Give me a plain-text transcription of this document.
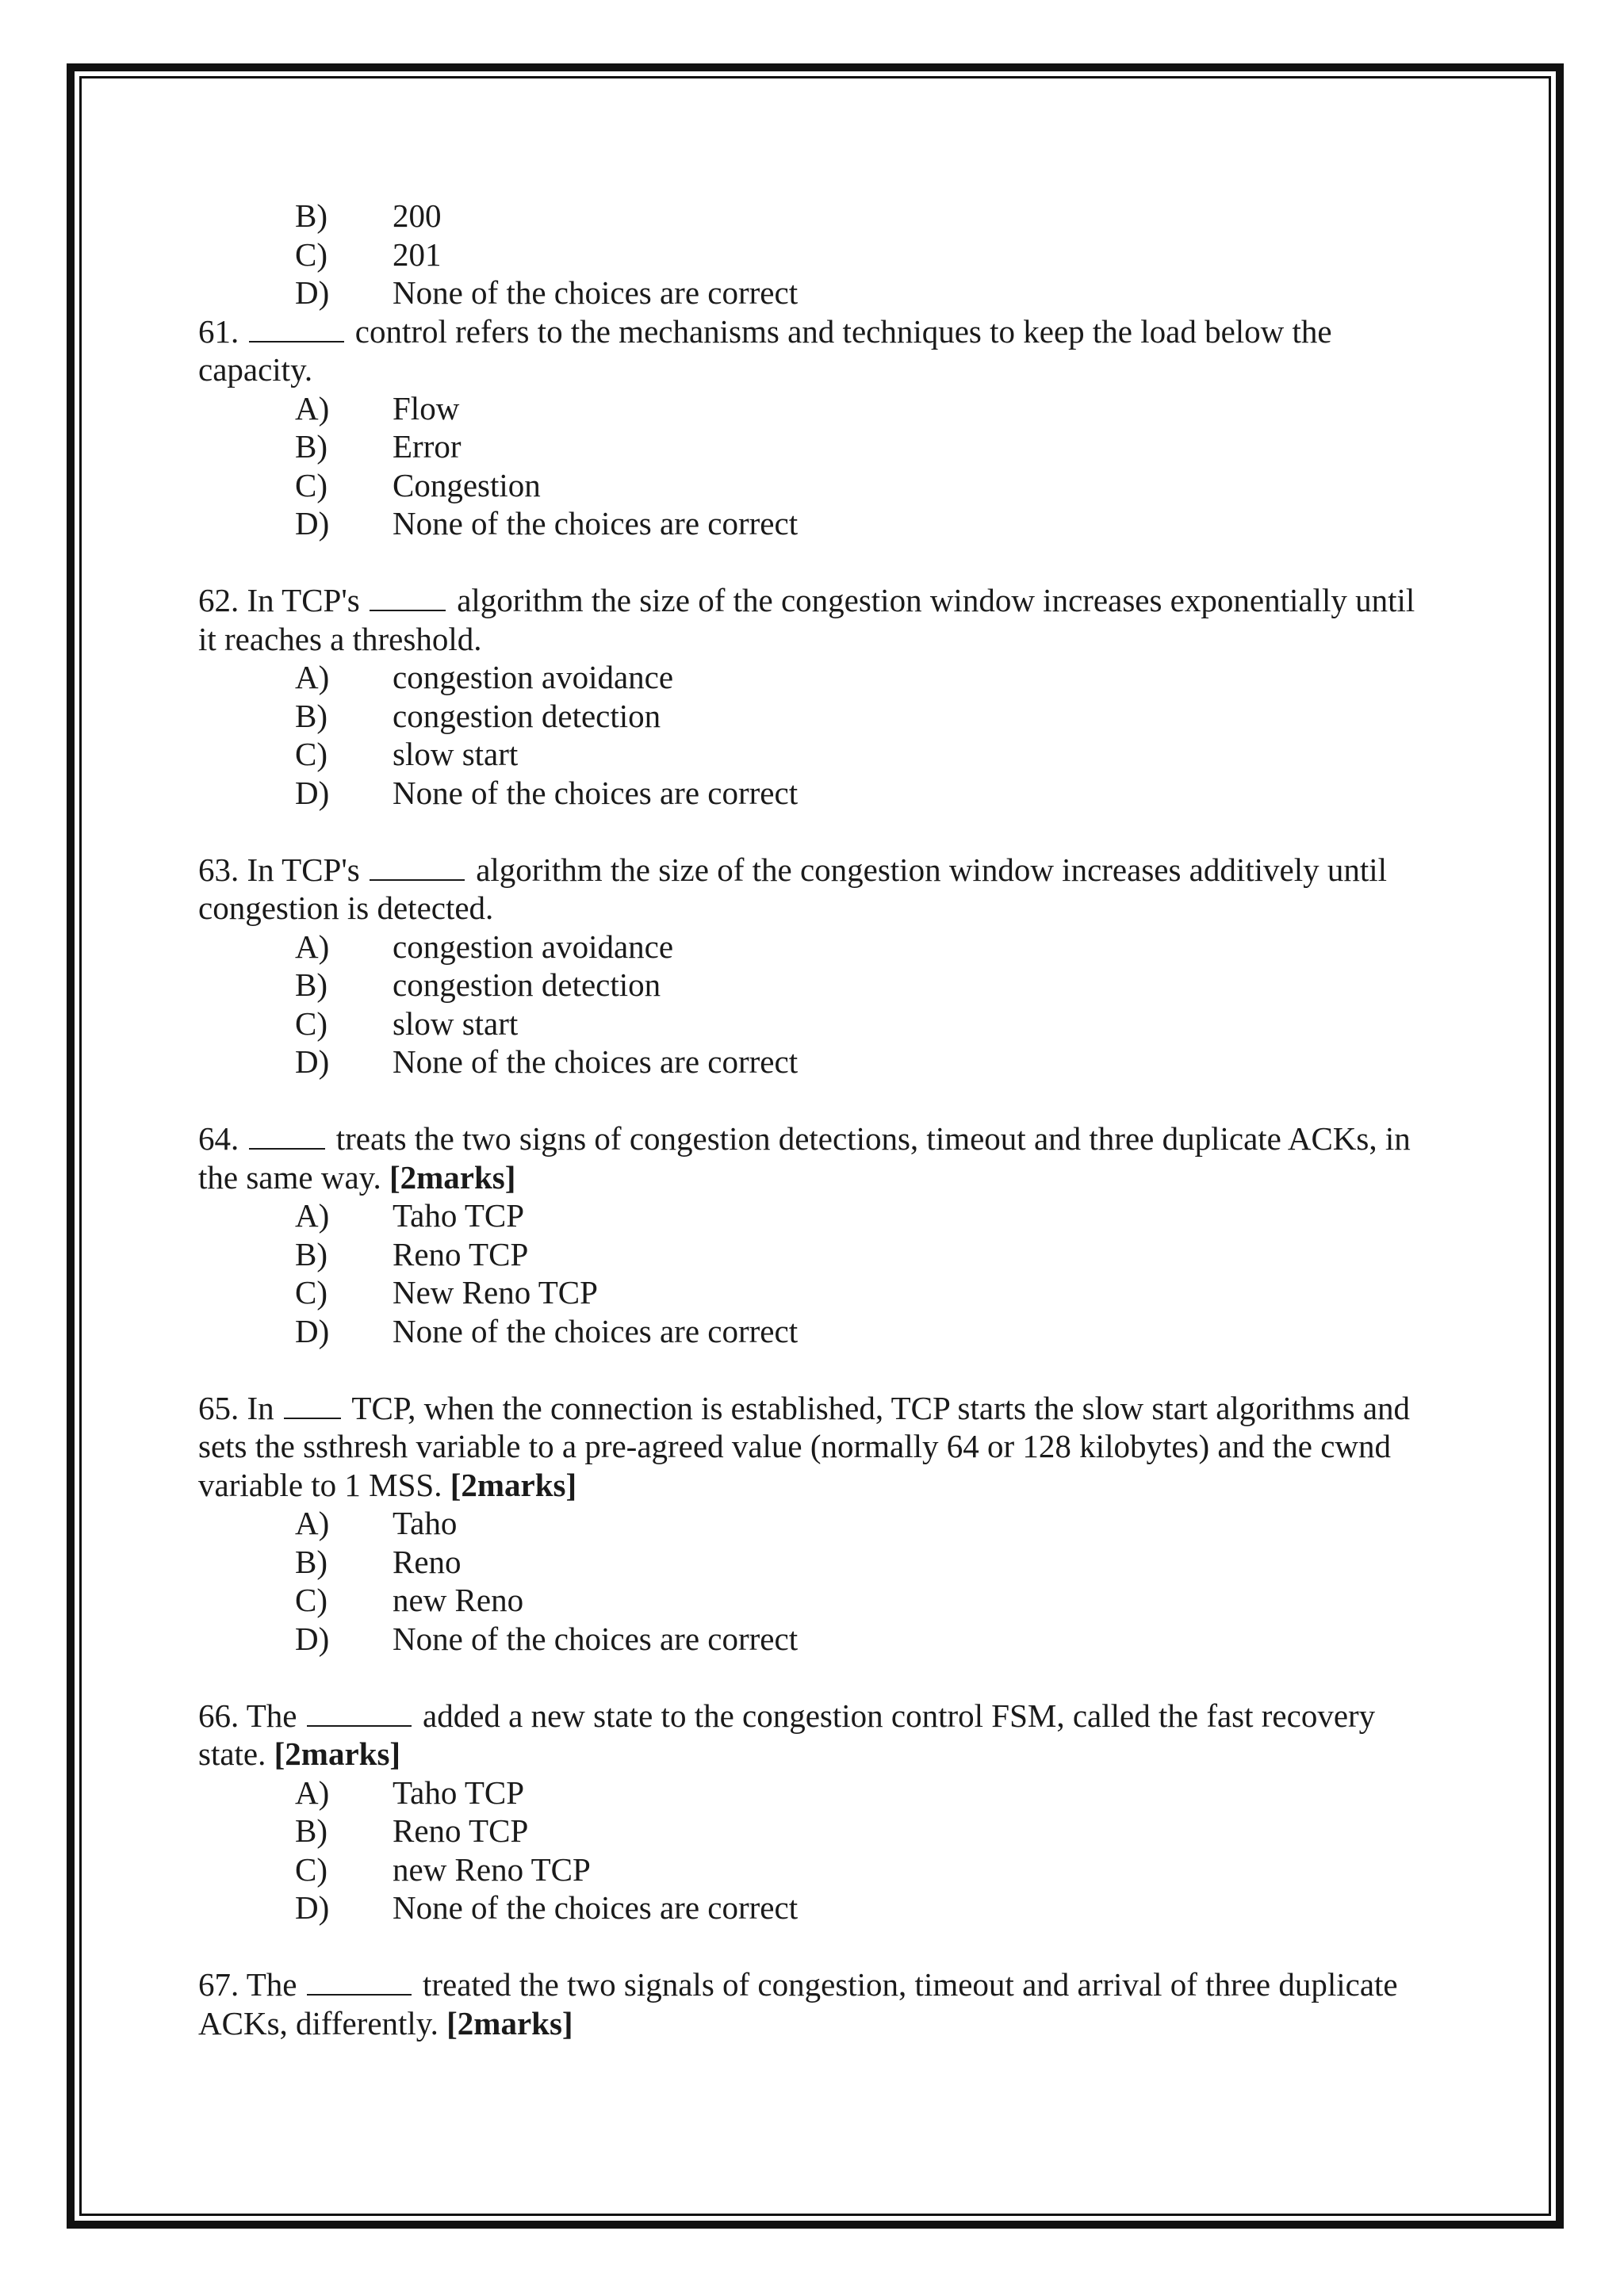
B)	200
C)	201
D)	None of the choices are correct

61.	control refers to the mechanisms and techniques to keep the load below the capacity.

A)	Flow
B)	Error
C)	Congestion
D)	None of the choices are correct

62. In TCP's	algorithm the size of the congestion window increases exponentially until it reaches a threshold.

A)	congestion avoidance
B)	congestion detection
C)	slow start
D)	None of the choices are correct

63. In TCP's	algorithm the size of the congestion window increases additively until congestion is detected.

A)	congestion avoidance
B)	congestion detection
C)	slow start
D)	None of the choices are correct

64.	treats the two signs of congestion detections, timeout and three duplicate ACKs, in the same way. [2marks]

A)	Taho TCP
B)	Reno TCP
C)	New Reno TCP
D)	None of the choices are correct

65. In  TCP, when the connection is established, TCP starts the slow start algorithms and sets the ssthresh variable to a pre-agreed value (normally 64 or 128 kilobytes) and the cwnd variable to 1 MSS. [2marks]

A)	Taho
B)	Reno
C)	new Reno
D)	None of the choices are correct

66. The	added a new state to the congestion control FSM, called the fast recovery state. [2marks]

A)	Taho TCP
B)	Reno TCP
C)	new Reno TCP
D)	None of the choices are correct

67. The	treated the two signals of congestion, timeout and arrival of three duplicate ACKs, differently. [2marks]
